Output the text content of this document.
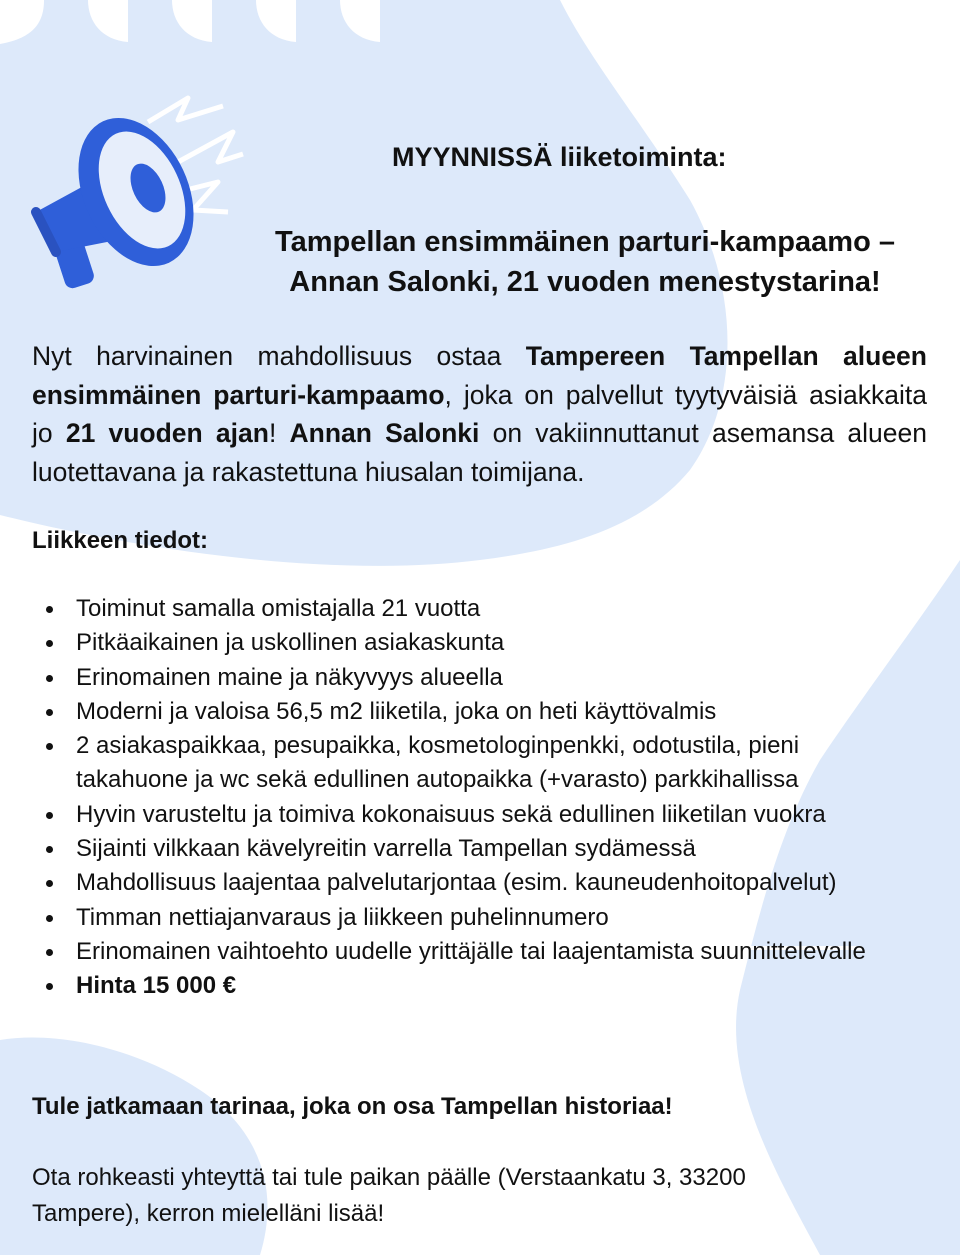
MYYNNISSÄ liiketoiminta:
Tampellan ensimmäinen parturi-kampaamo –
Annan Salonki, 21 vuoden menestystarina!

Nyt harvinainen mahdollisuus ostaa Tampereen Tampellan alueen ensimmäinen parturi-kampaamo, joka on palvellut tyytyväisiä asiakkaita jo 21 vuoden ajan! Annan Salonki on vakiinnuttanut asemansa alueen luotettavana ja rakastettuna hiusalan toimijana.

Liikkeen tiedot:
Toiminut samalla omistajalla 21 vuotta
Pitkäaikainen ja uskollinen asiakaskunta
Erinomainen maine ja näkyvyys alueella
Moderni ja valoisa 56,5 m2 liiketila, joka on heti käyttövalmis
2 asiakaspaikkaa, pesupaikka, kosmetologinpenkki, odotustila, pieni takahuone ja wc sekä edullinen autopaikka (+varasto) parkkihallissa
Hyvin varusteltu ja toimiva kokonaisuus sekä edullinen liiketilan vuokra
Sijainti vilkkaan kävelyreitin varrella Tampellan sydämessä
Mahdollisuus laajentaa palvelutarjontaa (esim. kauneudenhoitopalvelut)
Timman nettiajanvaraus ja liikkeen puhelinnumero
Erinomainen vaihtoehto uudelle yrittäjälle tai laajentamista suunnittelevalle
Hinta 15 000 €
Tule jatkamaan tarinaa, joka on osa Tampellan historiaa!
Ota rohkeasti yhteyttä tai tule paikan päälle (Verstaankatu 3, 33200
Tampere), kerron mielelläni lisää!
